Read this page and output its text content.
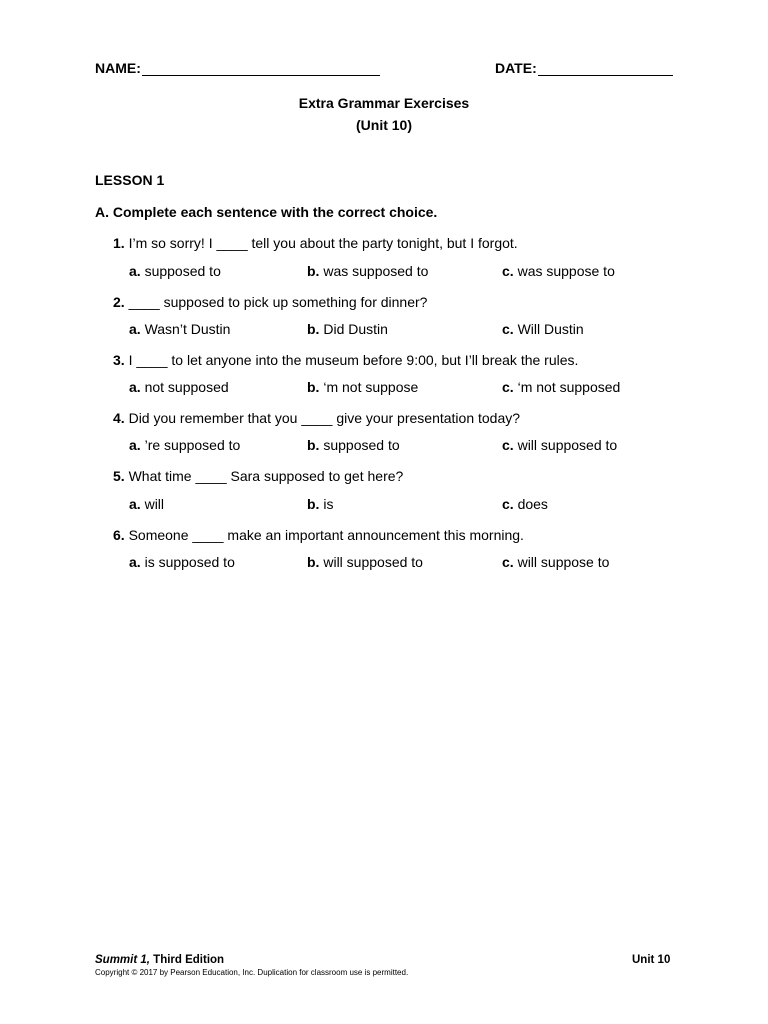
NAME:	DATE:
Extra Grammar Exercises
(Unit 10)
LESSON 1
A. Complete each sentence with the correct choice.
1. I’m so sorry! I ____ tell you about the party tonight, but I forgot.
a. supposed to	b. was supposed to	c. was suppose to
2. ____ supposed to pick up something for dinner?
a. Wasn’t Dustin	b. Did Dustin	c. Will Dustin
3. I ____ to let anyone into the museum before 9:00, but I’ll break the rules.
a. not supposed	b. ‘m not suppose	c. ‘m not supposed
4. Did you remember that you ____ give your presentation today?
a. ’re supposed to	b. supposed to	c. will supposed to
5. What time ____ Sara supposed to get here?
a. will	b. is	c. does
6. Someone ____ make an important announcement this morning.
a. is supposed to	b. will supposed to	c. will suppose to
Summit 1, Third Edition	Unit 10
Copyright © 2017 by Pearson Education, Inc. Duplication for classroom use is permitted.
